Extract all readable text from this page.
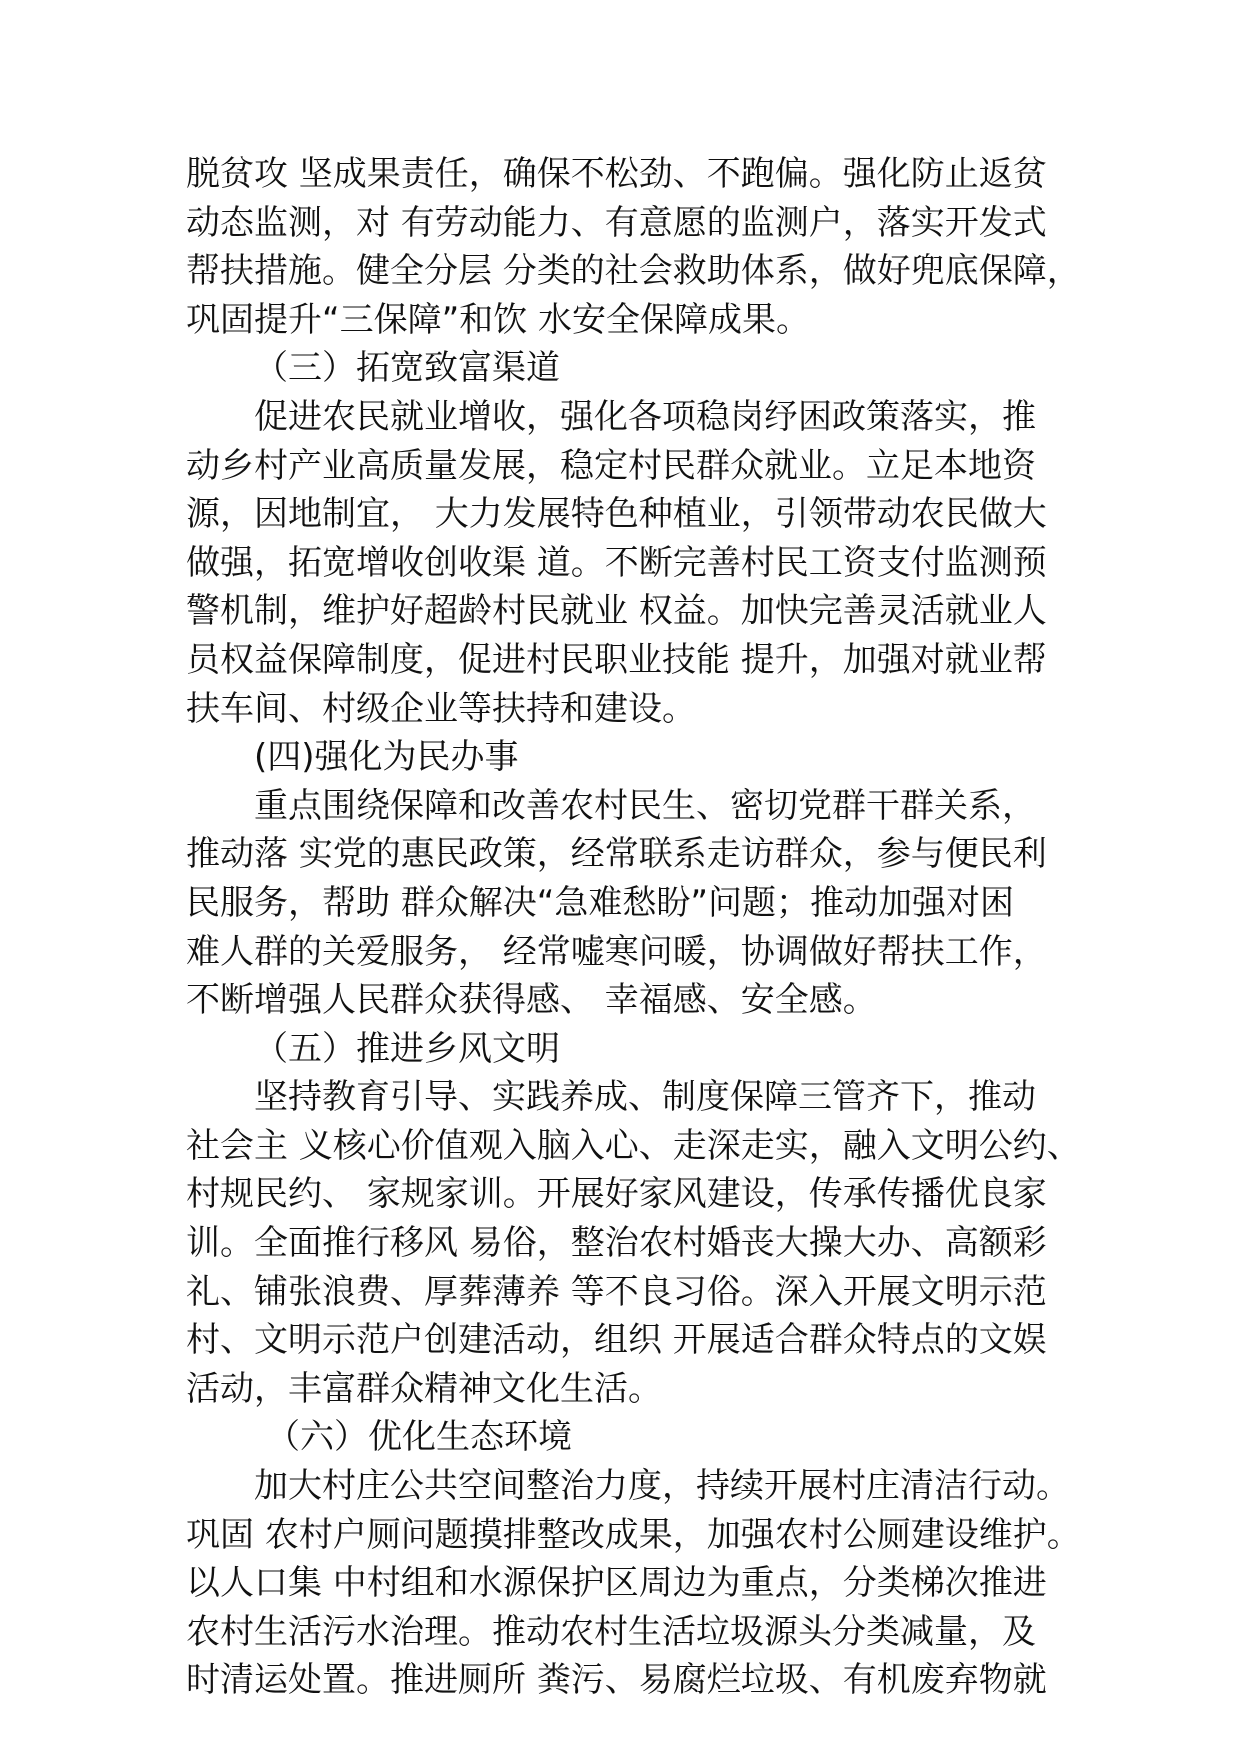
脱贫攻 坚成果责任，确保不松劲、不跑偏。强化防止返贫
动态监测，对 有劳动能力、有意愿的监测户，落实开发式
帮扶措施。健全分层 分类的社会救助体系，做好兜底保障，
巩固提升“三保障”和饮 水安全保障成果。
（三）拓宽致富渠道
促进农民就业增收，强化各项稳岗纾困政策落实，推
动乡村产业高质量发展，稳定村民群众就业。立足本地资
源，因地制宜， 大力发展特色种植业，引领带动农民做大
做强，拓宽增收创收渠 道。不断完善村民工资支付监测预
警机制，维护好超龄村民就业 权益。加快完善灵活就业人
员权益保障制度，促进村民职业技能 提升，加强对就业帮
扶车间、村级企业等扶持和建设。
(四)强化为民办事
重点围绕保障和改善农村民生、密切党群干群关系，
推动落 实党的惠民政策，经常联系走访群众，参与便民利
民服务，帮助 群众解决“急难愁盼”问题；推动加强对困
难人群的关爱服务， 经常嘘寒问暖，协调做好帮扶工作，
不断增强人民群众获得感、 幸福感、安全感。
（五）推进乡风文明
坚持教育引导、实践养成、制度保障三管齐下，推动
社会主 义核心价值观入脑入心、走深走实，融入文明公约、
村规民约、 家规家训。开展好家风建设，传承传播优良家
训。全面推行移风 易俗，整治农村婚丧大操大办、高额彩
礼、铺张浪费、厚葬薄养 等不良习俗。深入开展文明示范
村、文明示范户创建活动，组织 开展适合群众特点的文娱
活动，丰富群众精神文化生活。
（六）优化生态环境
加大村庄公共空间整治力度，持续开展村庄清洁行动。
巩固 农村户厕问题摸排整改成果，加强农村公厕建设维护。
以人口集 中村组和水源保护区周边为重点，分类梯次推进
农村生活污水治理。推动农村生活垃圾源头分类减量，及
时清运处置。推进厕所 粪污、易腐烂垃圾、有机废弃物就
